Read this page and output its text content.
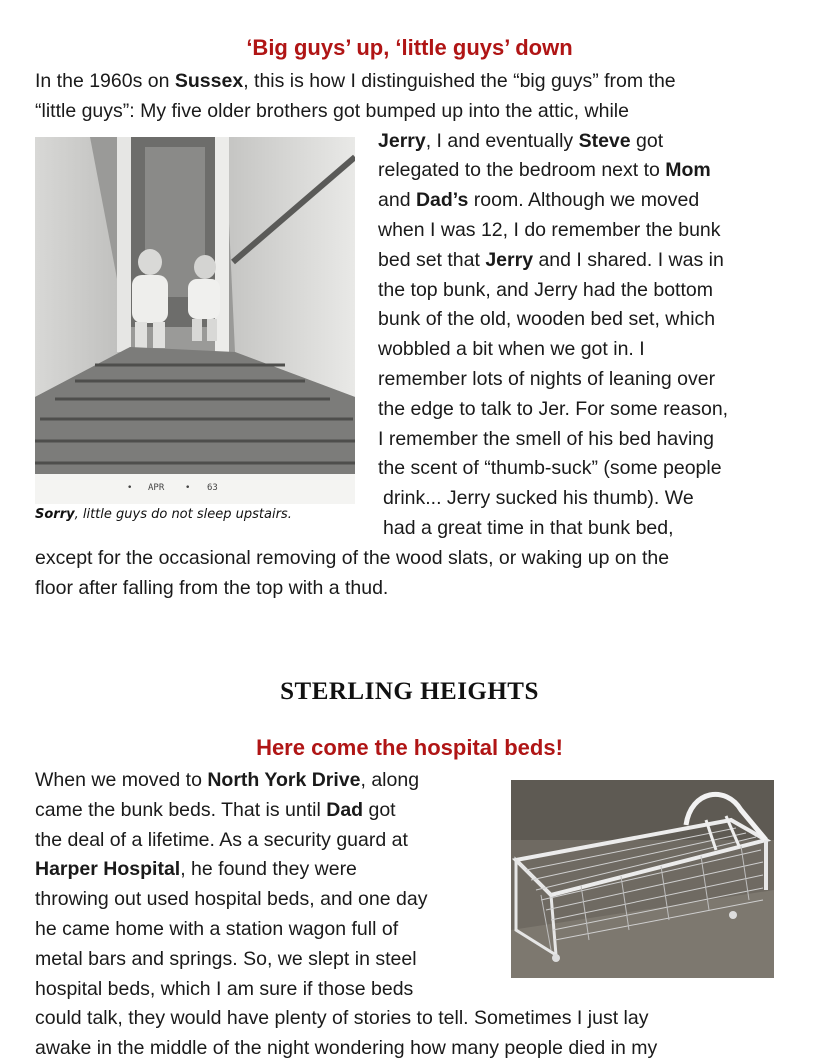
‘Big guys’ up, ‘little guys’ down
In the 1960s on Sussex, this is how I distinguished the “big guys” from the
“little guys”: My five older brothers got bumped up into the attic, while
Jerry, I and eventually Steve got
relegated to the bedroom next to Mom
and Dad’s room. Although we moved
when I was 12, I do remember the bunk
bed set that Jerry and I shared. I was in
the top bunk, and Jerry had the bottom
bunk of the old, wooden bed set, which
wobbled a bit when we got in. I
remember lots of nights of leaning over
the edge to talk to Jer. For some reason,
I remember the smell of his bed having
the scent of “thumb-suck” (some people
drink... Jerry sucked his thumb). We
had a great time in that bunk bed,
except for the occasional removing of the wood slats, or waking up on the
floor after falling from the top with a thud.
• APR • 63
Sorry, little guys do not sleep upstairs.
STERLING HEIGHTS
Here come the hospital beds!
When we moved to North York Drive, along
came the bunk beds. That is until Dad got
the deal of a lifetime. As a security guard at
Harper Hospital, he found they were
throwing out used hospital beds, and one day
he came home with a station wagon full of
metal bars and springs. So, we slept in steel
hospital beds, which I am sure if those beds
could talk, they would have plenty of stories to tell. Sometimes I just lay
awake in the middle of the night wondering how many people died in my
